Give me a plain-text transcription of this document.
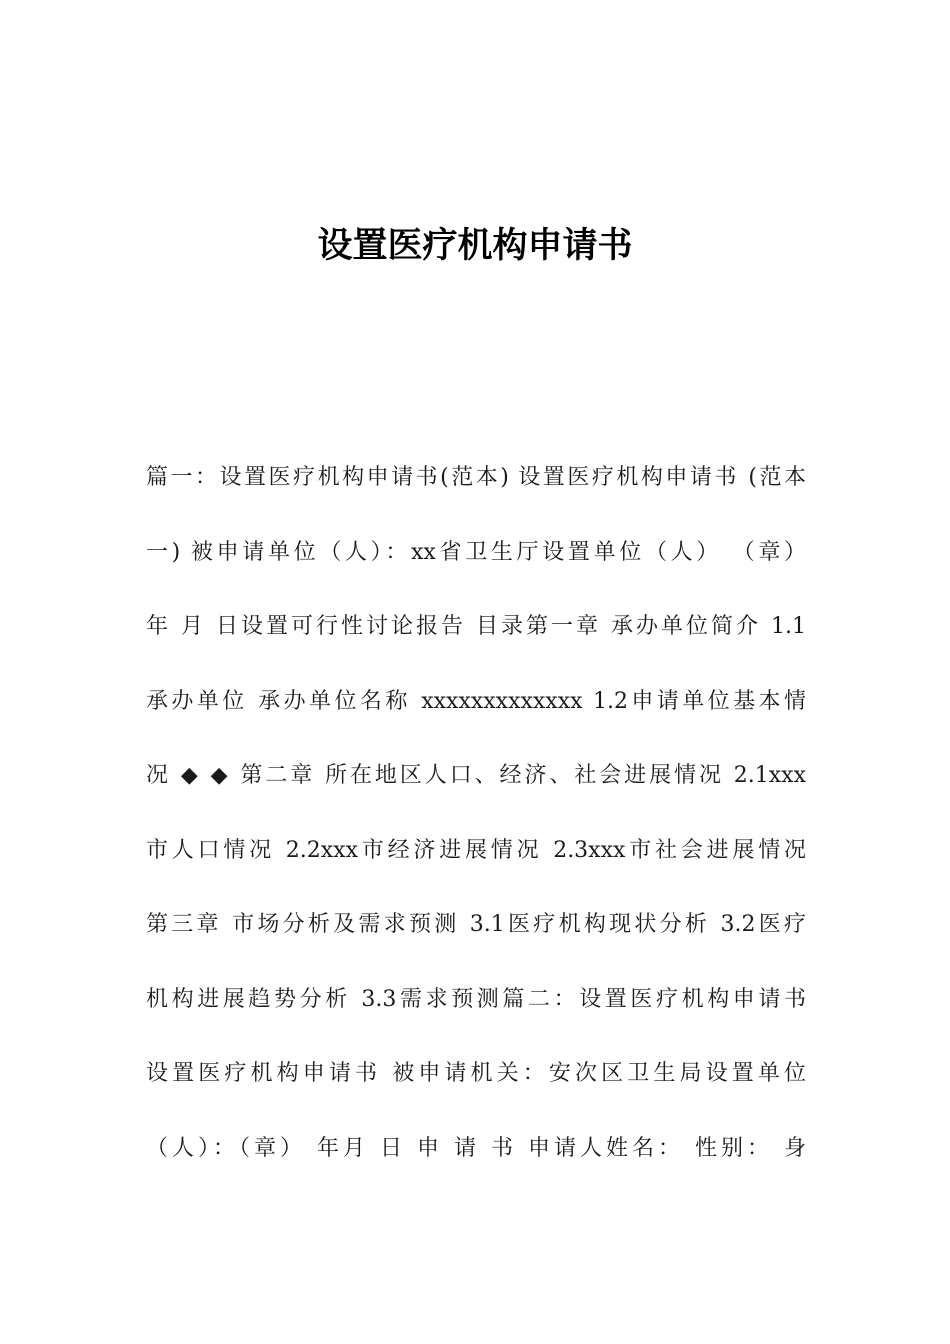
设置医疗机构申请书
篇一：设置医疗机构申请书(范本) 设置医疗机构申请书 (范本
一) 被申请单位（人）：xx省卫生厅设置单位（人） （章）
年 月 日设置可行性讨论报告 目录第一章 承办单位简介 1.1
承办单位 承办单位名称 xxxxxxxxxxxxx 1.2申请单位基本情
况 ◆ ◆ 第二章 所在地区人口、经济、社会进展情况 2.1xxx
市人口情况 2.2xxx市经济进展情况 2.3xxx市社会进展情况
第三章 市场分析及需求预测 3.1医疗机构现状分析 3.2医疗
机构进展趋势分析 3.3需求预测篇二：设置医疗机构申请书
设置医疗机构申请书 被申请机关：安次区卫生局设置单位
（人）：（章） 年月 日 申 请 书 申请人姓名： 性别： 身
